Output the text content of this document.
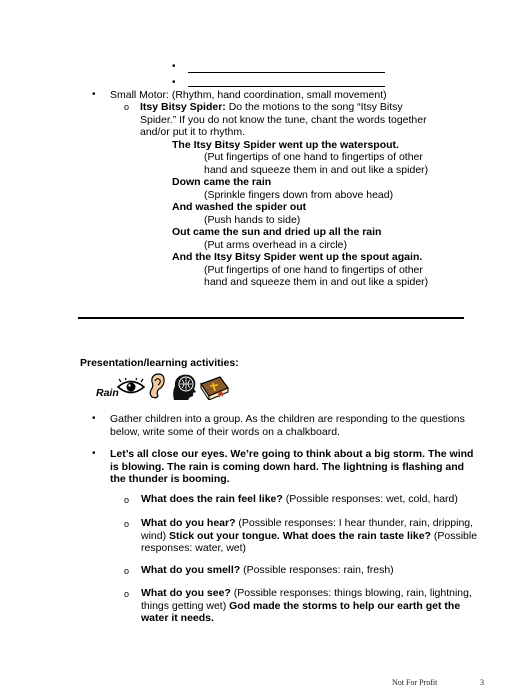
•
•
• Small Motor: (Rhythm, hand coordination, small movement)
o Itsy Bitsy Spider: Do the motions to the song “Itsy Bitsy
Spider.” If you do not know the tune, chant the words together
and/or put it to rhythm.
The Itsy Bitsy Spider went up the waterspout.
(Put fingertips of one hand to fingertips of other
hand and squeeze them in and out like a spider)
Down came the rain
(Sprinkle fingers down from above head)
And washed the spider out
(Push hands to side)
Out came the sun and dried up all the rain
(Put arms overhead in a circle)
And the Itsy Bitsy Spider went up the spout again.
(Put fingertips of one hand to fingertips of other
hand and squeeze them in and out like a spider)
Presentation/learning activities:
Rain
• Gather children into a group. As the children are responding to the questions
below, write some of their words on a chalkboard.
• Let’s all close our eyes. We’re going to think about a big storm. The wind
is blowing. The rain is coming down hard. The lightning is flashing and
the thunder is booming.
o What does the rain feel like? (Possible responses: wet, cold, hard)
o What do you hear? (Possible responses: I hear thunder, rain, dripping,
wind) Stick out your tongue. What does the rain taste like? (Possible
responses: water, wet)
o What do you smell? (Possible responses: rain, fresh)
o What do you see? (Possible responses: things blowing, rain, lightning,
things getting wet) God made the storms to help our earth get the
water it needs.
Not For Profit	3
